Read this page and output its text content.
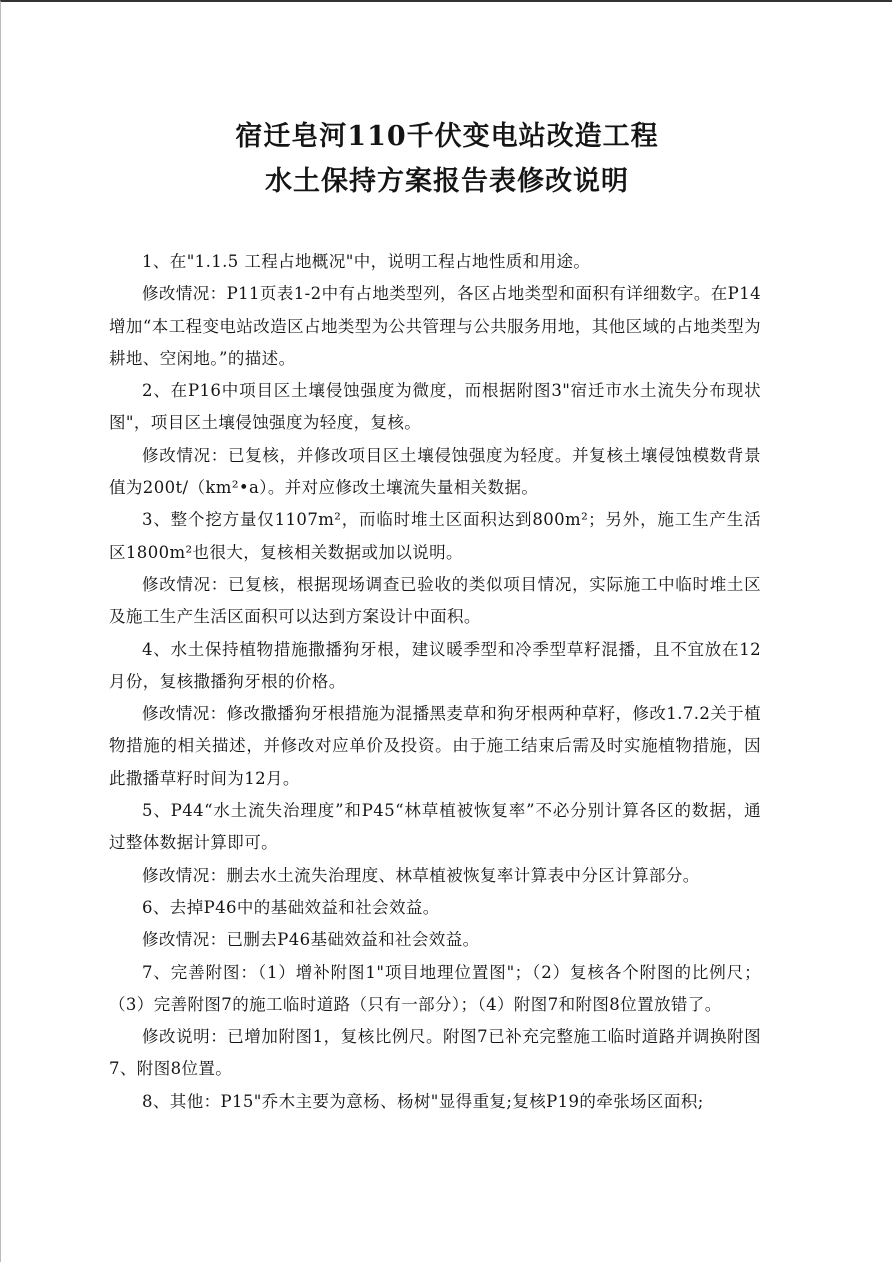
宿迁皂河110千伏变电站改造工程
水土保持方案报告表修改说明

1、在"1.1.5 工程占地概况"中，说明工程占地性质和用途。

修改情况：P11页表1-2中有占地类型列，各区占地类型和面积有详细数字。在P14增加“本工程变电站改造区占地类型为公共管理与公共服务用地，其他区域的占地类型为耕地、空闲地。”的描述。

2、在P16中项目区土壤侵蚀强度为微度，而根据附图3"宿迁市水土流失分布现状图"，项目区土壤侵蚀强度为轻度，复核。

修改情况：已复核，并修改项目区土壤侵蚀强度为轻度。并复核土壤侵蚀模数背景值为200t/（km²•a）。并对应修改土壤流失量相关数据。

3、整个挖方量仅1107m²，而临时堆土区面积达到800m²；另外，施工生产生活区1800m²也很大，复核相关数据或加以说明。

修改情况：已复核，根据现场调查已验收的类似项目情况，实际施工中临时堆土区及施工生产生活区面积可以达到方案设计中面积。

4、水土保持植物措施撒播狗牙根，建议暖季型和冷季型草籽混播，且不宜放在12月份，复核撒播狗牙根的价格。

修改情况：修改撒播狗牙根措施为混播黑麦草和狗牙根两种草籽，修改1.7.2关于植物措施的相关描述，并修改对应单价及投资。由于施工结束后需及时实施植物措施，因此撒播草籽时间为12月。

5、P44“水土流失治理度”和P45“林草植被恢复率”不必分别计算各区的数据，通过整体数据计算即可。

修改情况：删去水土流失治理度、林草植被恢复率计算表中分区计算部分。

6、去掉P46中的基础效益和社会效益。

修改情况：已删去P46基础效益和社会效益。

7、完善附图：（1）增补附图1"项目地理位置图"；（2）复核各个附图的比例尺；（3）完善附图7的施工临时道路（只有一部分）；（4）附图7和附图8位置放错了。

修改说明：已增加附图1，复核比例尺。附图7已补充完整施工临时道路并调换附图7、附图8位置。

8、其他：P15"乔木主要为意杨、杨树"显得重复;复核P19的牵张场区面积;
